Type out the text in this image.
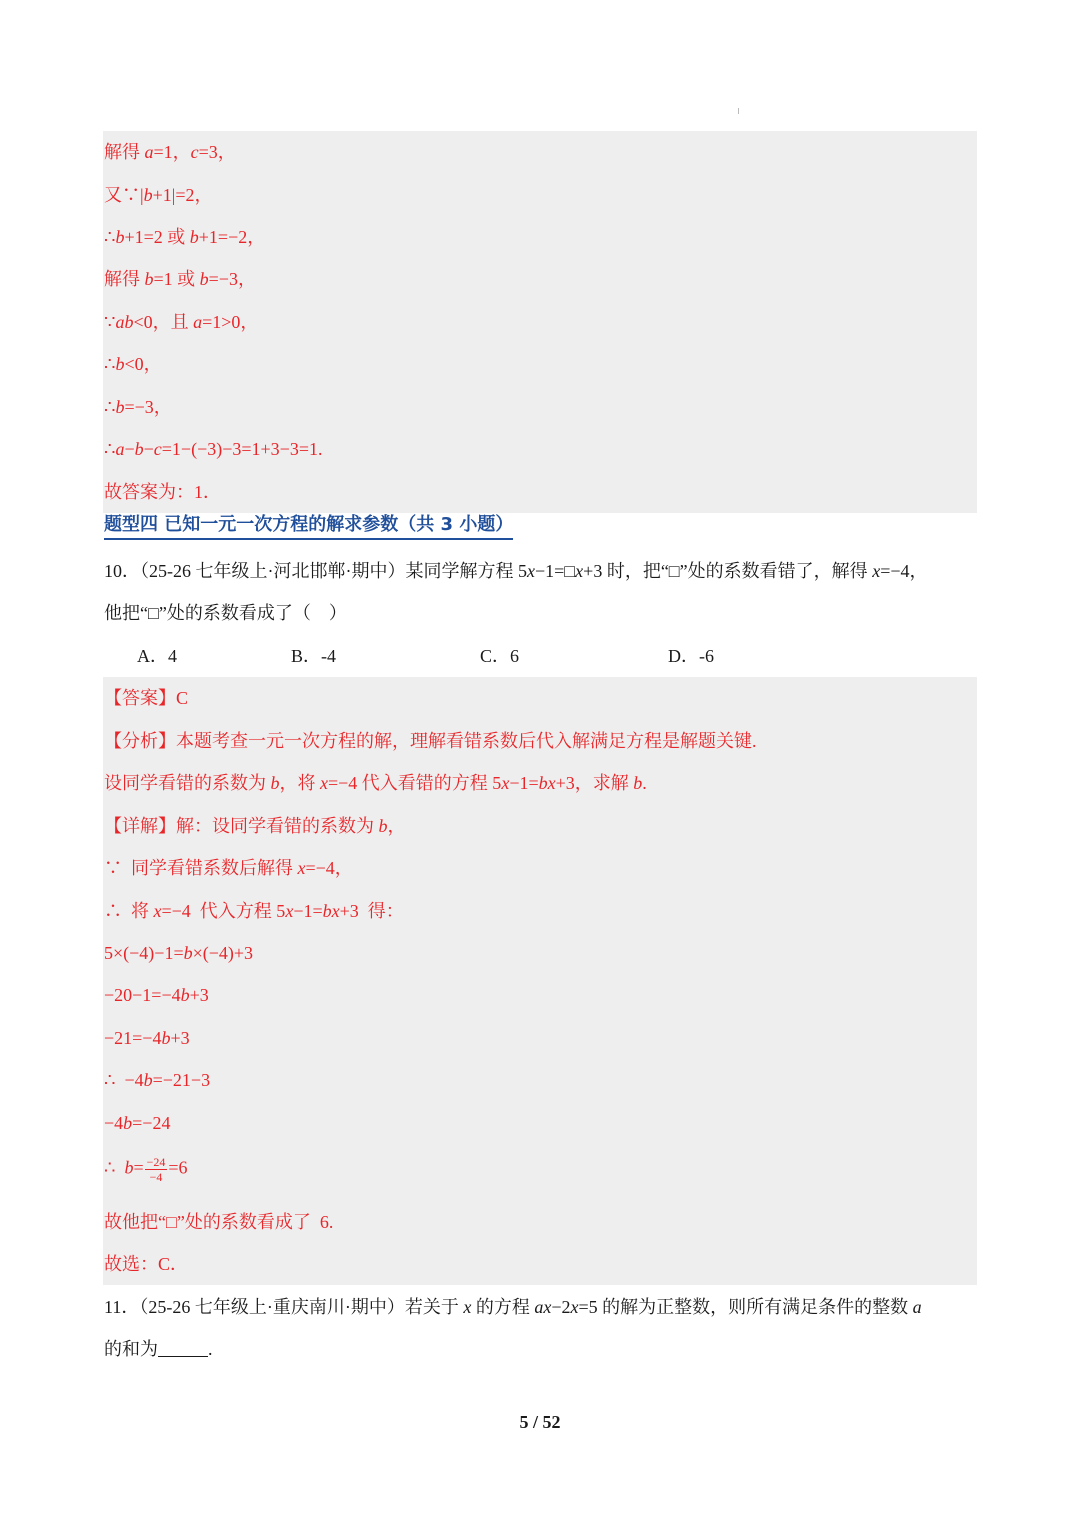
解得 a=1，c=3，
又∵|b+1|=2，
∴b+1=2 或 b+1=−2，
解得 b=1 或 b=−3，
∵ab<0，且 a=1>0，
∴b<0，
∴b=−3，
∴a−b−c=1−(−3)−3=1+3−3=1.
故答案为：1．
题型四 已知一元一次方程的解求参数（共 3 小题）
10．（25-26 七年级上·河北邯郸·期中）某同学解方程 5x−1=□x+3 时，把“□”处的系数看错了，解得 x=−4，
他把“□”处的系数看成了（    ）
A．4	B．-4	C．6	D．-6
【答案】C
【分析】本题考查一元一次方程的解，理解看错系数后代入解满足方程是解题关键.
设同学看错的系数为 b，将 x=−4 代入看错的方程 5x−1=bx+3，求解 b.
【详解】解：设同学看错的系数为 b，
∵  同学看错系数后解得 x=−4，
∴  将 x=−4  代入方程 5x−1=bx+3  得：
5×(−4)−1=b×(−4)+3
−20−1=−4b+3
−21=−4b+3
∴  −4b=−21−3
−4b=−24
∴  $b= \frac{-24}{-4} =6$
故他把“□”处的系数看成了  6.
故选：C．
11．（25-26 七年级上·重庆南川·期中）若关于 x 的方程 ax−2x=5 的解为正整数，则所有满足条件的整数 a
的和为	.
5 / 52
